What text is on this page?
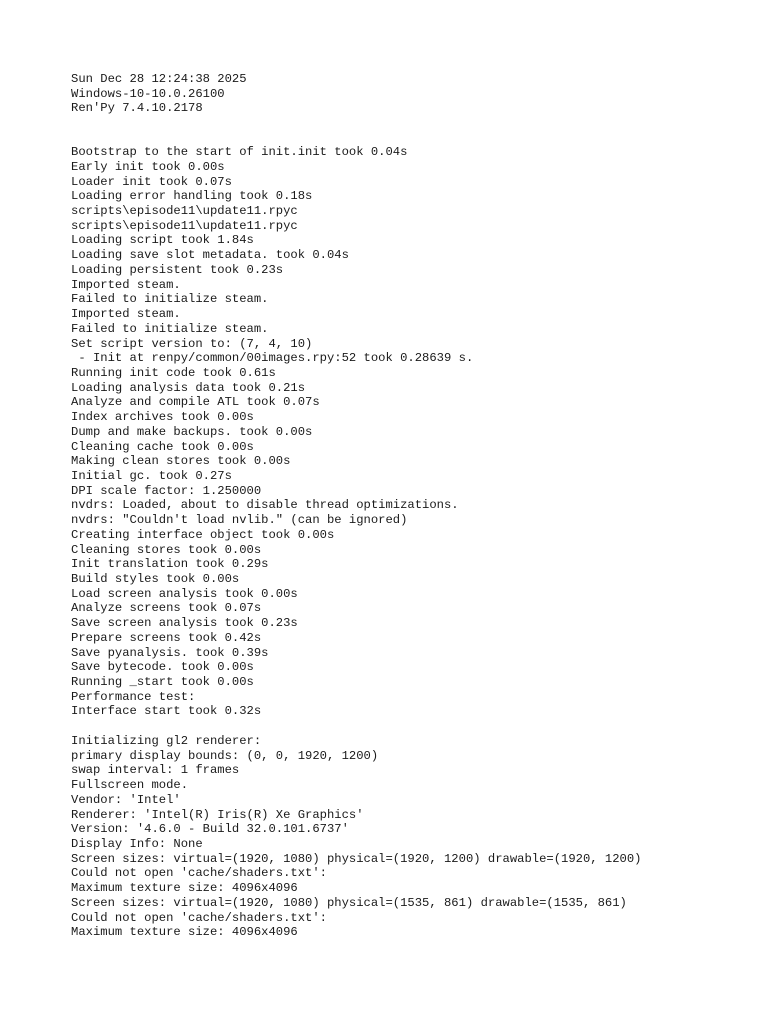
Sun Dec 28 12:24:38 2025
Windows-10-10.0.26100
Ren'Py 7.4.10.2178
Bootstrap to the start of init.init took 0.04s
Early init took 0.00s
Loader init took 0.07s
Loading error handling took 0.18s
scripts\episode11\update11.rpyc
scripts\episode11\update11.rpyc
Loading script took 1.84s
Loading save slot metadata. took 0.04s
Loading persistent took 0.23s
Imported steam.
Failed to initialize steam.
Imported steam.
Failed to initialize steam.
Set script version to: (7, 4, 10)
- Init at renpy/common/00images.rpy:52 took 0.28639 s.
Running init code took 0.61s
Loading analysis data took 0.21s
Analyze and compile ATL took 0.07s
Index archives took 0.00s
Dump and make backups. took 0.00s
Cleaning cache took 0.00s
Making clean stores took 0.00s
Initial gc. took 0.27s
DPI scale factor: 1.250000
nvdrs: Loaded, about to disable thread optimizations.
nvdrs: "Couldn't load nvlib." (can be ignored)
Creating interface object took 0.00s
Cleaning stores took 0.00s
Init translation took 0.29s
Build styles took 0.00s
Load screen analysis took 0.00s
Analyze screens took 0.07s
Save screen analysis took 0.23s
Prepare screens took 0.42s
Save pyanalysis. took 0.39s
Save bytecode. took 0.00s
Running _start took 0.00s
Performance test:
Interface start took 0.32s
Initializing gl2 renderer:
primary display bounds: (0, 0, 1920, 1200)
swap interval: 1 frames
Fullscreen mode.
Vendor: 'Intel'
Renderer: 'Intel(R) Iris(R) Xe Graphics'
Version: '4.6.0 - Build 32.0.101.6737'
Display Info: None
Screen sizes: virtual=(1920, 1080) physical=(1920, 1200) drawable=(1920, 1200)
Could not open 'cache/shaders.txt':
Maximum texture size: 4096x4096
Screen sizes: virtual=(1920, 1080) physical=(1535, 861) drawable=(1535, 861)
Could not open 'cache/shaders.txt':
Maximum texture size: 4096x4096
